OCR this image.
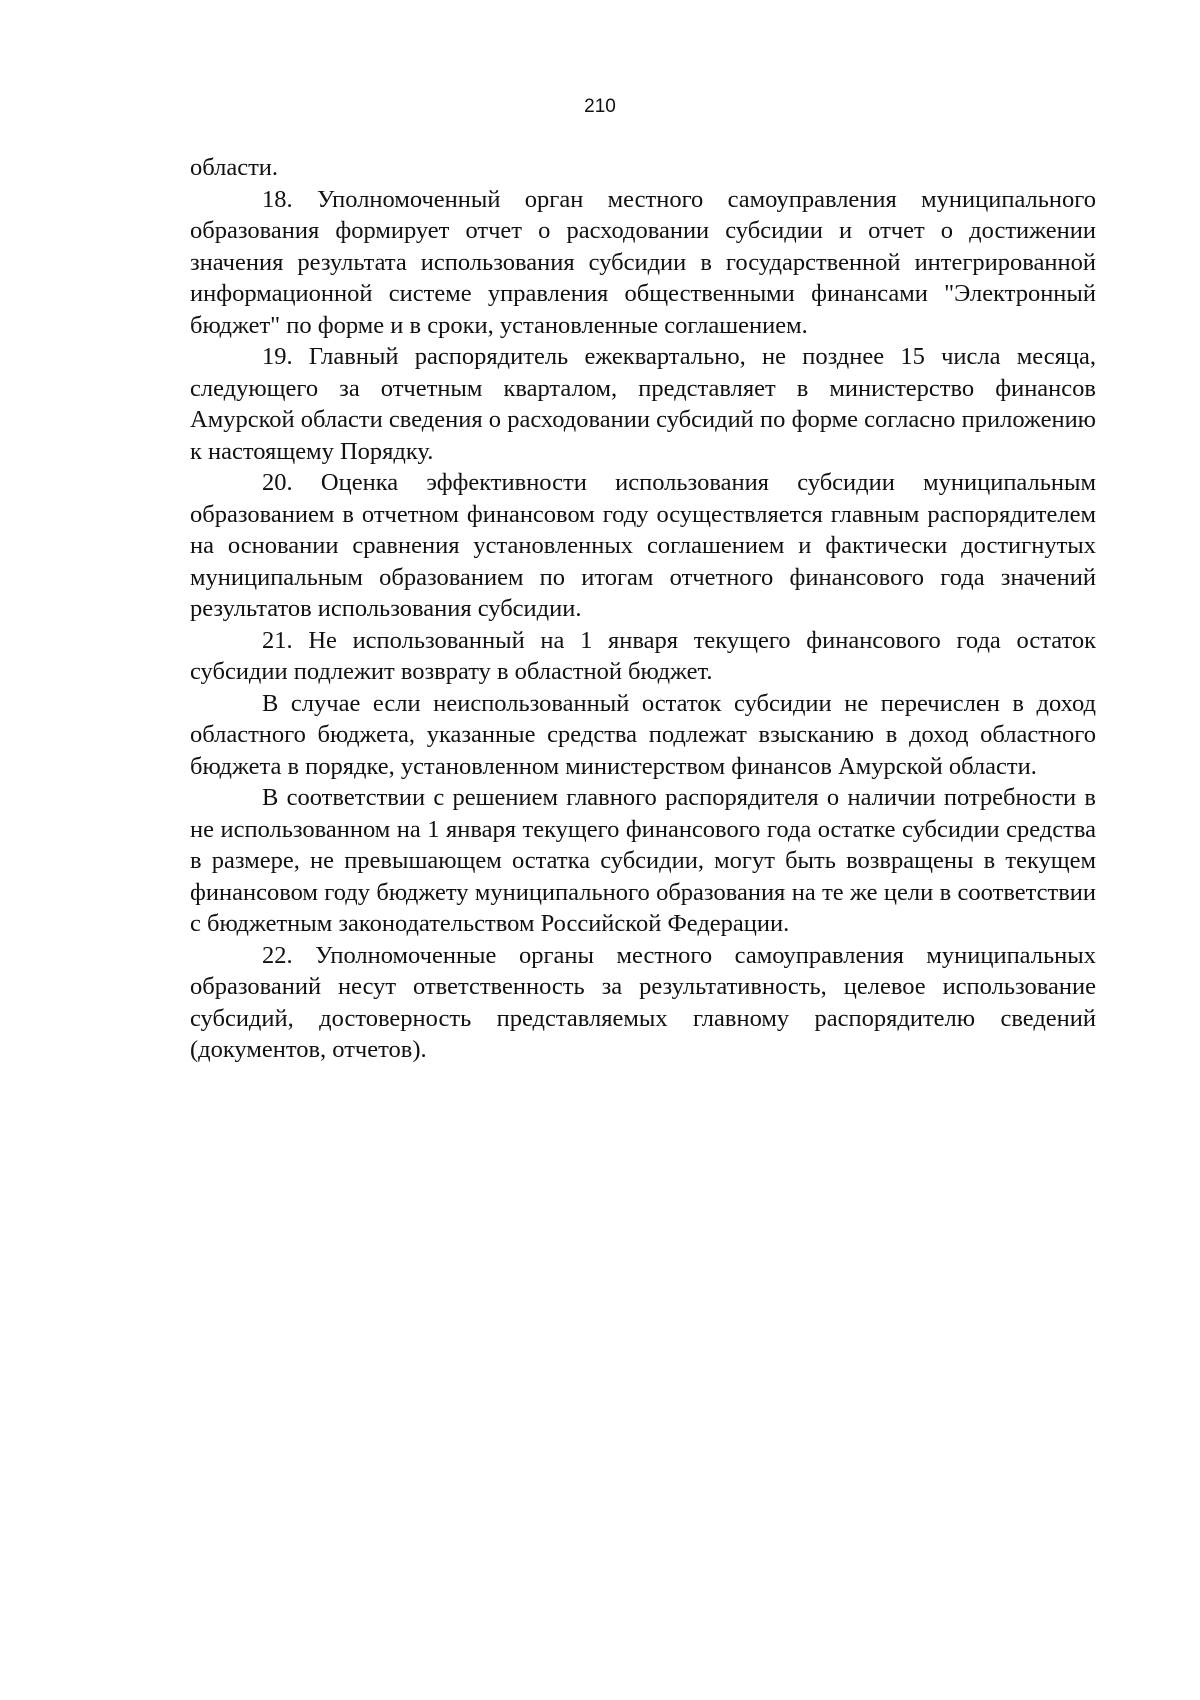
210

области.

18. Уполномоченный орган местного самоуправления муниципального образования формирует отчет о расходовании субсидии и отчет о достижении значения результата использования субсидии в государственной интегрированной информационной системе управления общественными финансами "Электронный бюджет" по форме и в сроки, установленные соглашением.

19. Главный распорядитель ежеквартально, не позднее 15 числа месяца, следующего за отчетным кварталом, представляет в министерство финансов Амурской области сведения о расходовании субсидий по форме согласно приложению к настоящему Порядку.

20. Оценка эффективности использования субсидии муниципальным образованием в отчетном финансовом году осуществляется главным распорядителем на основании сравнения установленных соглашением и фактически достигнутых муниципальным образованием по итогам отчетного финансового года значений результатов использования субсидии.

21. Не использованный на 1 января текущего финансового года остаток субсидии подлежит возврату в областной бюджет.

В случае если неиспользованный остаток субсидии не перечислен в доход областного бюджета, указанные средства подлежат взысканию в доход областного бюджета в порядке, установленном министерством финансов Амурской области.

В соответствии с решением главного распорядителя о наличии потребности в не использованном на 1 января текущего финансового года остатке субсидии средства в размере, не превышающем остатка субсидии, могут быть возвращены в текущем финансовом году бюджету муниципального образования на те же цели в соответствии с бюджетным законодательством Российской Федерации.

22. Уполномоченные органы местного самоуправления муниципальных образований несут ответственность за результативность, целевое использование субсидий, достоверность представляемых главному распорядителю сведений (документов, отчетов).
